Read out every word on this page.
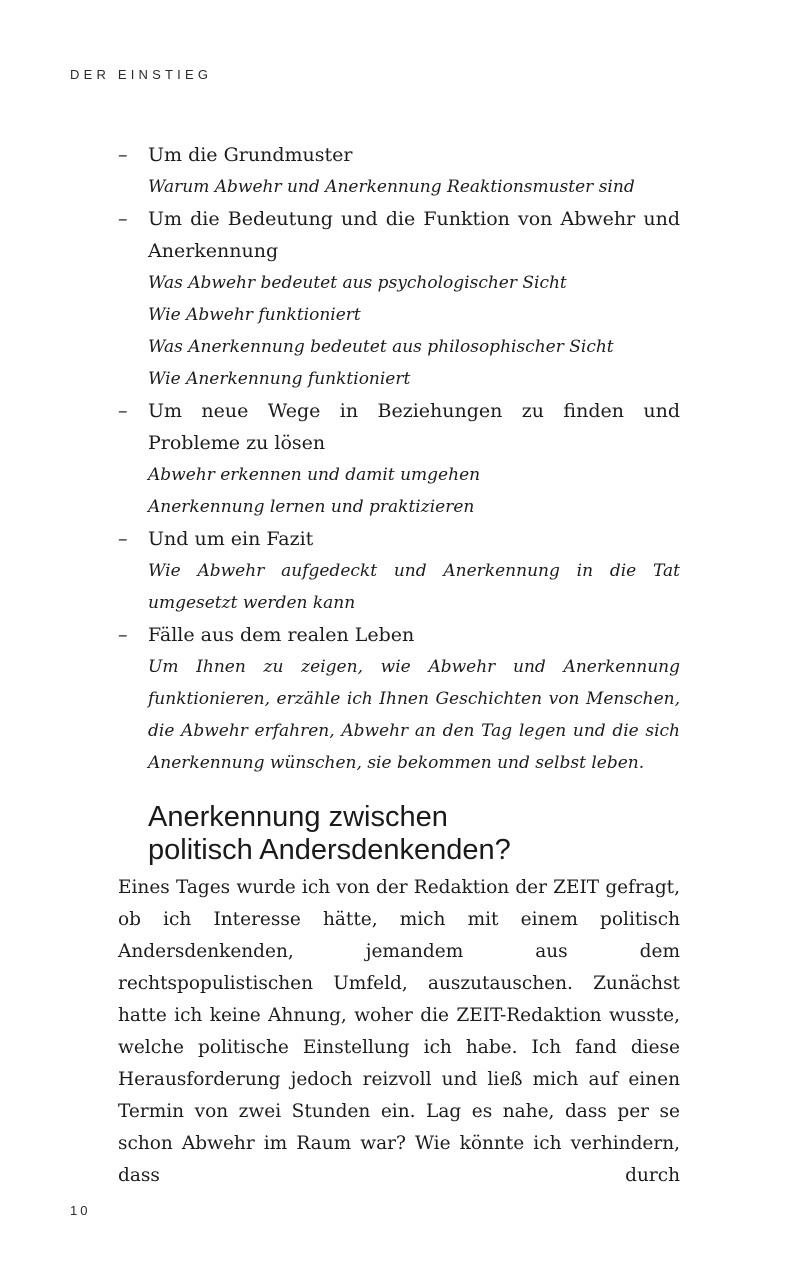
DER EINSTIEG
– Um die Grundmuster
Warum Abwehr und Anerkennung Reaktionsmuster sind
– Um die Bedeutung und die Funktion von Abwehr und Anerkennung
Was Abwehr bedeutet aus psychologischer Sicht
Wie Abwehr funktioniert
Was Anerkennung bedeutet aus philosophischer Sicht
Wie Anerkennung funktioniert
– Um neue Wege in Beziehungen zu finden und Probleme zu lösen
Abwehr erkennen und damit umgehen
Anerkennung lernen und praktizieren
– Und um ein Fazit
Wie Abwehr aufgedeckt und Anerkennung in die Tat umgesetzt werden kann
– Fälle aus dem realen Leben
Um Ihnen zu zeigen, wie Abwehr und Anerkennung funktionieren, erzähle ich Ihnen Geschichten von Menschen, die Abwehr erfahren, Abwehr an den Tag legen und die sich Anerkennung wünschen, sie bekommen und selbst leben.
Anerkennung zwischen
politisch Andersdenkenden?

Eines Tages wurde ich von der Redaktion der ZEIT gefragt, ob ich Interesse hätte, mich mit einem politisch Andersdenkenden, jemandem aus dem rechtspopulistischen Umfeld, auszutauschen. Zunächst hatte ich keine Ahnung, woher die ZEIT-Redaktion wusste, welche politische Einstellung ich habe. Ich fand diese Herausforderung jedoch reizvoll und ließ mich auf einen Termin von zwei Stunden ein. Lag es nahe, dass per se schon Abwehr im Raum war? Wie könnte ich verhindern, dass durch

10
